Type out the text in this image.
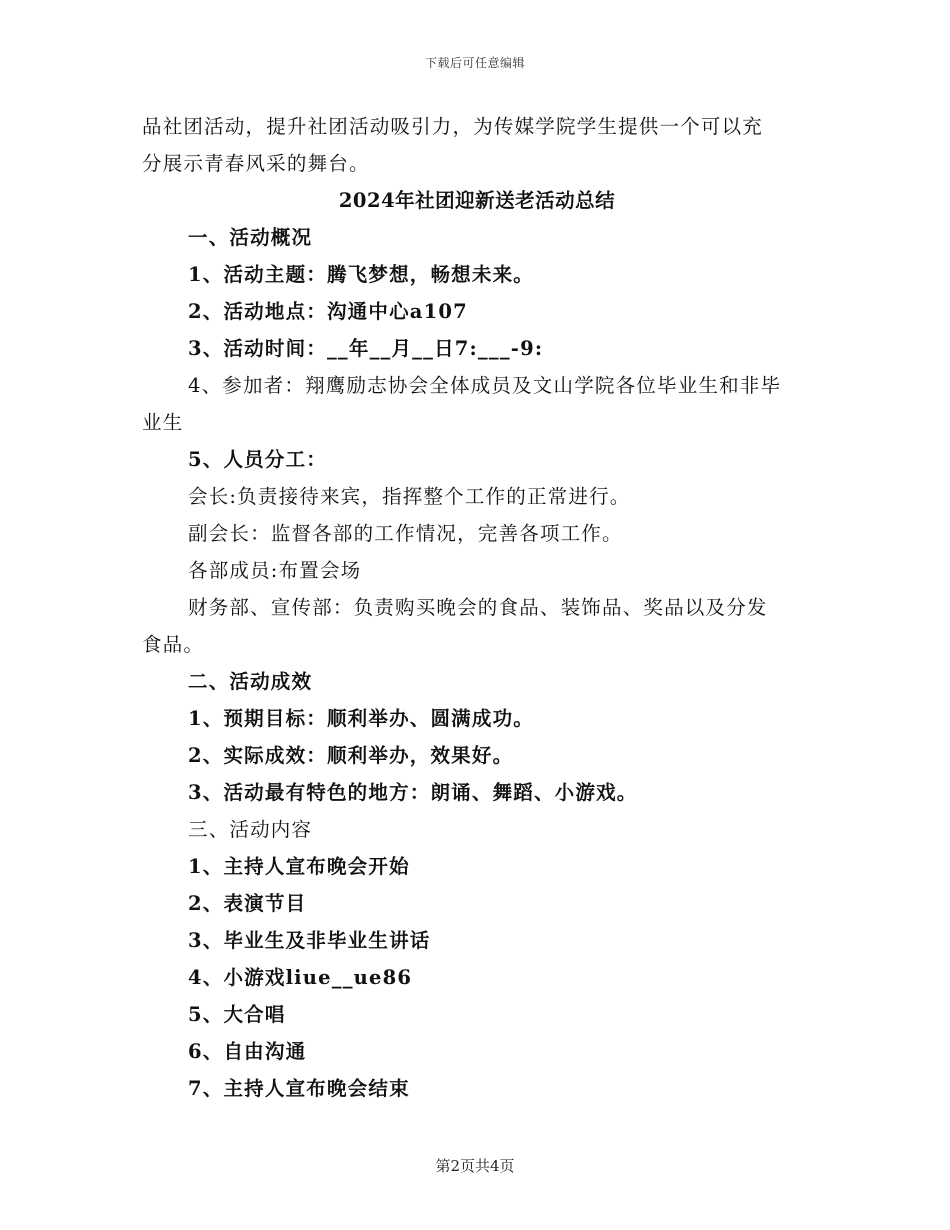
下载后可任意编辑
品社团活动，提升社团活动吸引力，为传媒学院学生提供一个可以充
分展示青春风采的舞台。
2024年社团迎新送老活动总结
一、活动概况
1、活动主题：腾飞梦想，畅想未来。
2、活动地点：沟通中心a107
3、活动时间：__年__月__日7:___-9:
4、参加者：翔鹰励志协会全体成员及文山学院各位毕业生和非毕
业生
5、人员分工：
会长:负责接待来宾，指挥整个工作的正常进行。
副会长：监督各部的工作情况，完善各项工作。
各部成员:布置会场
财务部、宣传部：负责购买晚会的食品、装饰品、奖品以及分发
食品。
二、活动成效
1、预期目标：顺利举办、圆满成功。
2、实际成效：顺利举办，效果好。
3、活动最有特色的地方：朗诵、舞蹈、小游戏。
三、活动内容
1、主持人宣布晚会开始
2、表演节目
3、毕业生及非毕业生讲话
4、小游戏liue__ue86
5、大合唱
6、自由沟通
7、主持人宣布晚会结束
第2页共4页
